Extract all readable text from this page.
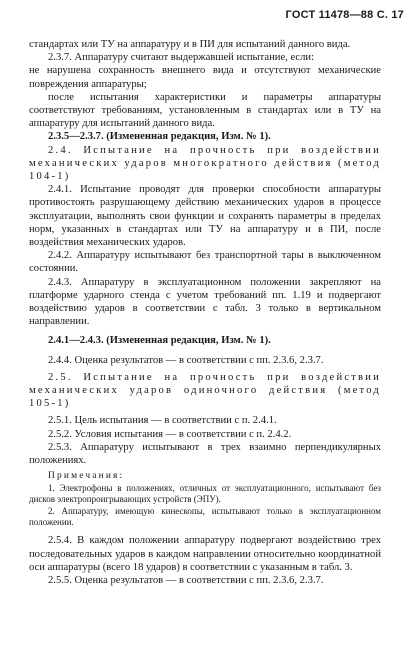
ГОСТ 11478—88 С. 17

стандартах или ТУ на аппаратуру и в ПИ для испытаний данного вида.

2.3.7. Аппаратуру считают выдержавшей испытание, если:

не нарушена сохранность внешнего вида и отсутствуют механические повреждения аппаратуры;

после испытания характеристики и параметры аппаратуры соответствуют требованиям, установленным в стандартах или в ТУ на аппаратуру для испытаний данного вида.

2.3.5—2.3.7. (Измененная редакция, Изм. № 1).

2.4. Испытание на прочность при воздействии механических ударов многократного действия (метод 104-1)

2.4.1. Испытание проводят для проверки способности аппаратуры противостоять разрушающему действию механических ударов в процессе эксплуатации, выполнять свои функции и сохранять параметры в пределах норм, указанных в стандартах или ТУ на аппаратуру и в ПИ, после воздействия механических ударов.

2.4.2. Аппаратуру испытывают без транспортной тары в выключенном состоянии.

2.4.3. Аппаратуру в эксплуатационном положении закрепляют на платформе ударного стенда с учетом требований пп. 1.19 и подвергают воздействию ударов в соответствии с табл. 3 только в вертикальном направлении.

2.4.1—2.4.3. (Измененная редакция, Изм. № 1).

2.4.4. Оценка результатов — в соответствии с пп. 2.3.6, 2.3.7.

2.5. Испытание на прочность при воздействии механических ударов одиночного действия (метод 105-1)

2.5.1. Цель испытания — в соответствии с п. 2.4.1.

2.5.2. Условия испытания — в соответствии с п. 2.4.2.

2.5.3. Аппаратуру испытывают в трех взаимно перпендикулярных положениях.

Примечания:

1. Электрофоны в положениях, отличных от эксплуатационного, испытывают без дисков электропроигрывающих устройств (ЭПУ).

2. Аппаратуру, имеющую кинескопы, испытывают только в эксплуатационном положении.

2.5.4. В каждом положении аппаратуру подвергают воздействию трех последовательных ударов в каждом направлении относительно координатной оси аппаратуры (всего 18 ударов) в соответствии с указанным в табл. 3.

2.5.5. Оценка результатов — в соответствии с пп. 2.3.6, 2.3.7.
